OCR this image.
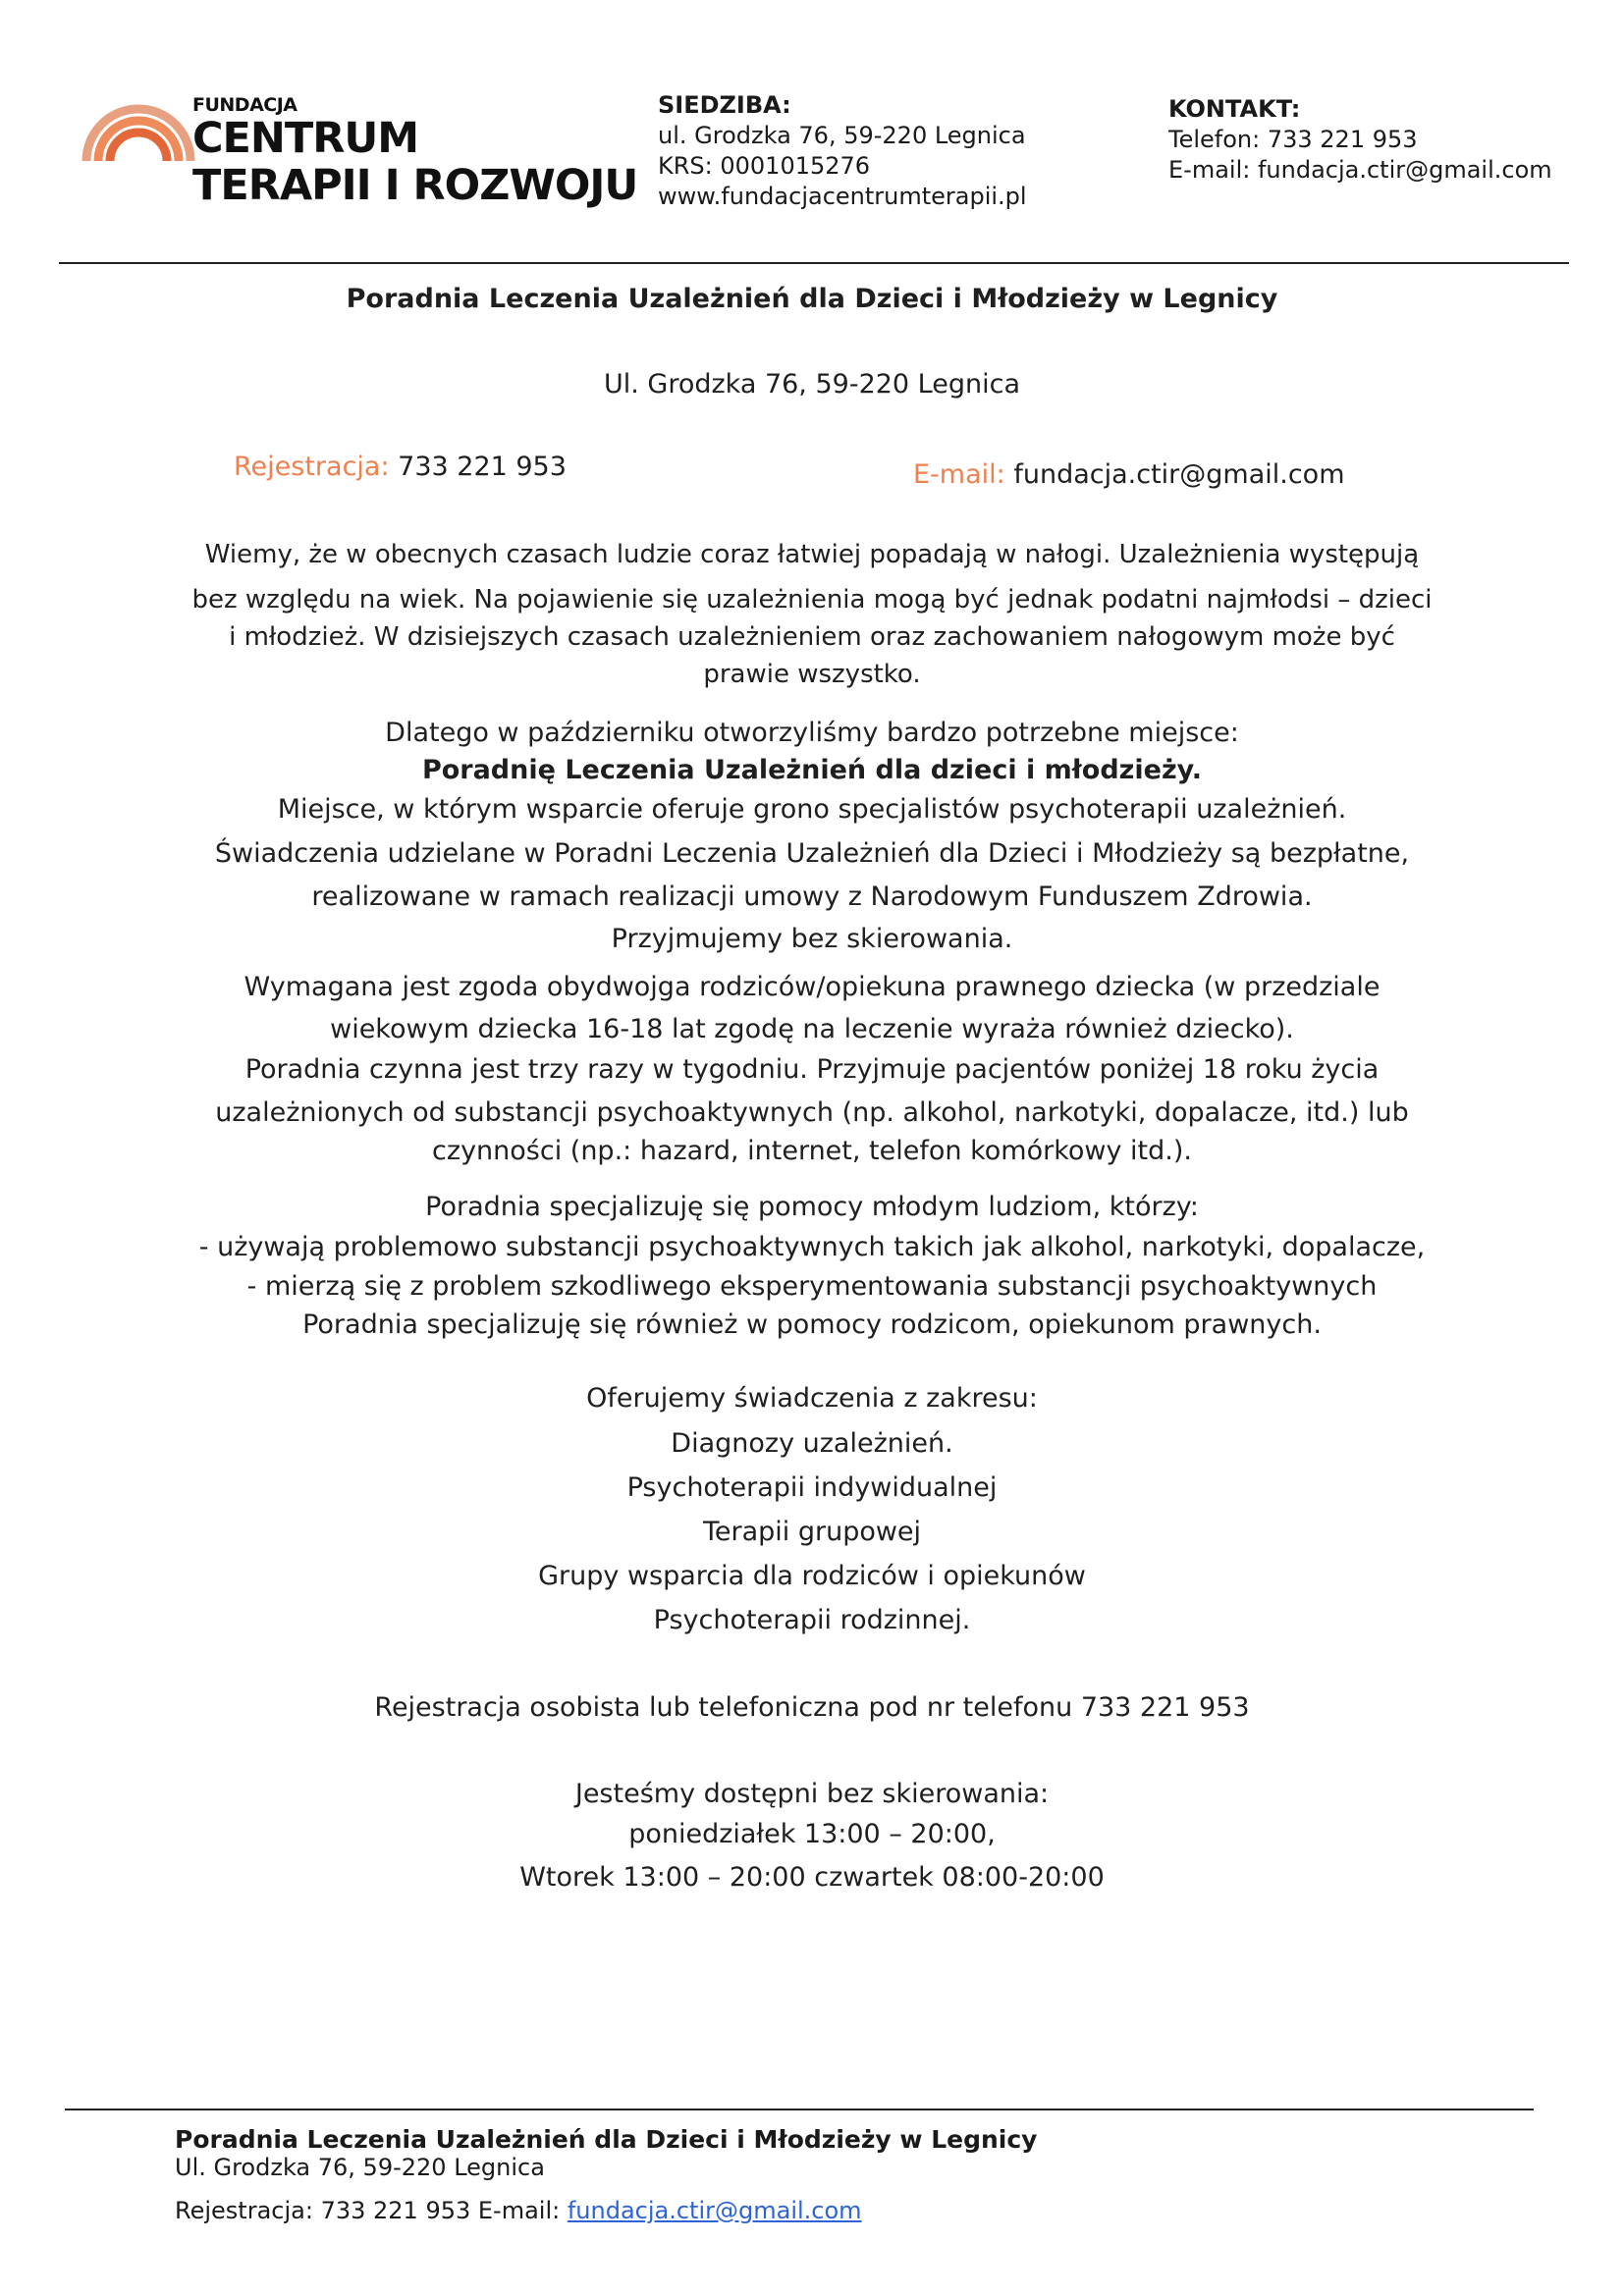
FUNDACJA
CENTRUM
TERAPII I ROZWOJU
SIEDZIBA:
ul. Grodzka 76, 59-220 Legnica
KRS: 0001015276
www.fundacjacentrumterapii.pl
KONTAKT:
Telefon: 733 221 953
E-mail: fundacja.ctir@gmail.com
Poradnia Leczenia Uzależnień dla Dzieci i Młodzieży w Legnicy
Ul. Grodzka 76, 59-220 Legnica
Rejestracja: 733 221 953	E-mail: fundacja.ctir@gmail.com
Wiemy, że w obecnych czasach ludzie coraz łatwiej popadają w nałogi. Uzależnienia występują
bez względu na wiek. Na pojawienie się uzależnienia mogą być jednak podatni najmłodsi – dzieci
i młodzież. W dzisiejszych czasach uzależnieniem oraz zachowaniem nałogowym może być
prawie wszystko.
Dlatego w październiku otworzyliśmy bardzo potrzebne miejsce:
Poradnię Leczenia Uzależnień dla dzieci i młodzieży.
Miejsce, w którym wsparcie oferuje grono specjalistów psychoterapii uzależnień.
Świadczenia udzielane w Poradni Leczenia Uzależnień dla Dzieci i Młodzieży są bezpłatne,
realizowane w ramach realizacji umowy z Narodowym Funduszem Zdrowia.
Przyjmujemy bez skierowania.
Wymagana jest zgoda obydwojga rodziców/opiekuna prawnego dziecka (w przedziale
wiekowym dziecka 16-18 lat zgodę na leczenie wyraża również dziecko).
Poradnia czynna jest trzy razy w tygodniu. Przyjmuje pacjentów poniżej 18 roku życia
uzależnionych od substancji psychoaktywnych (np. alkohol, narkotyki, dopalacze, itd.) lub
czynności (np.: hazard, internet, telefon komórkowy itd.).
Poradnia specjalizuję się pomocy młodym ludziom, którzy:
- używają problemowo substancji psychoaktywnych takich jak alkohol, narkotyki, dopalacze,
- mierzą się z problem szkodliwego eksperymentowania substancji psychoaktywnych
Poradnia specjalizuję się również w pomocy rodzicom, opiekunom prawnych.
Oferujemy świadczenia z zakresu:
Diagnozy uzależnień.
Psychoterapii indywidualnej
Terapii grupowej
Grupy wsparcia dla rodziców i opiekunów
Psychoterapii rodzinnej.
Rejestracja osobista lub telefoniczna pod nr telefonu 733 221 953
Jesteśmy dostępni bez skierowania:
poniedziałek 13:00 – 20:00,
Wtorek 13:00 – 20:00 czwartek 08:00-20:00
Poradnia Leczenia Uzależnień dla Dzieci i Młodzieży w Legnicy
Ul. Grodzka 76, 59-220 Legnica
Rejestracja: 733 221 953 E-mail: fundacja.ctir@gmail.com
